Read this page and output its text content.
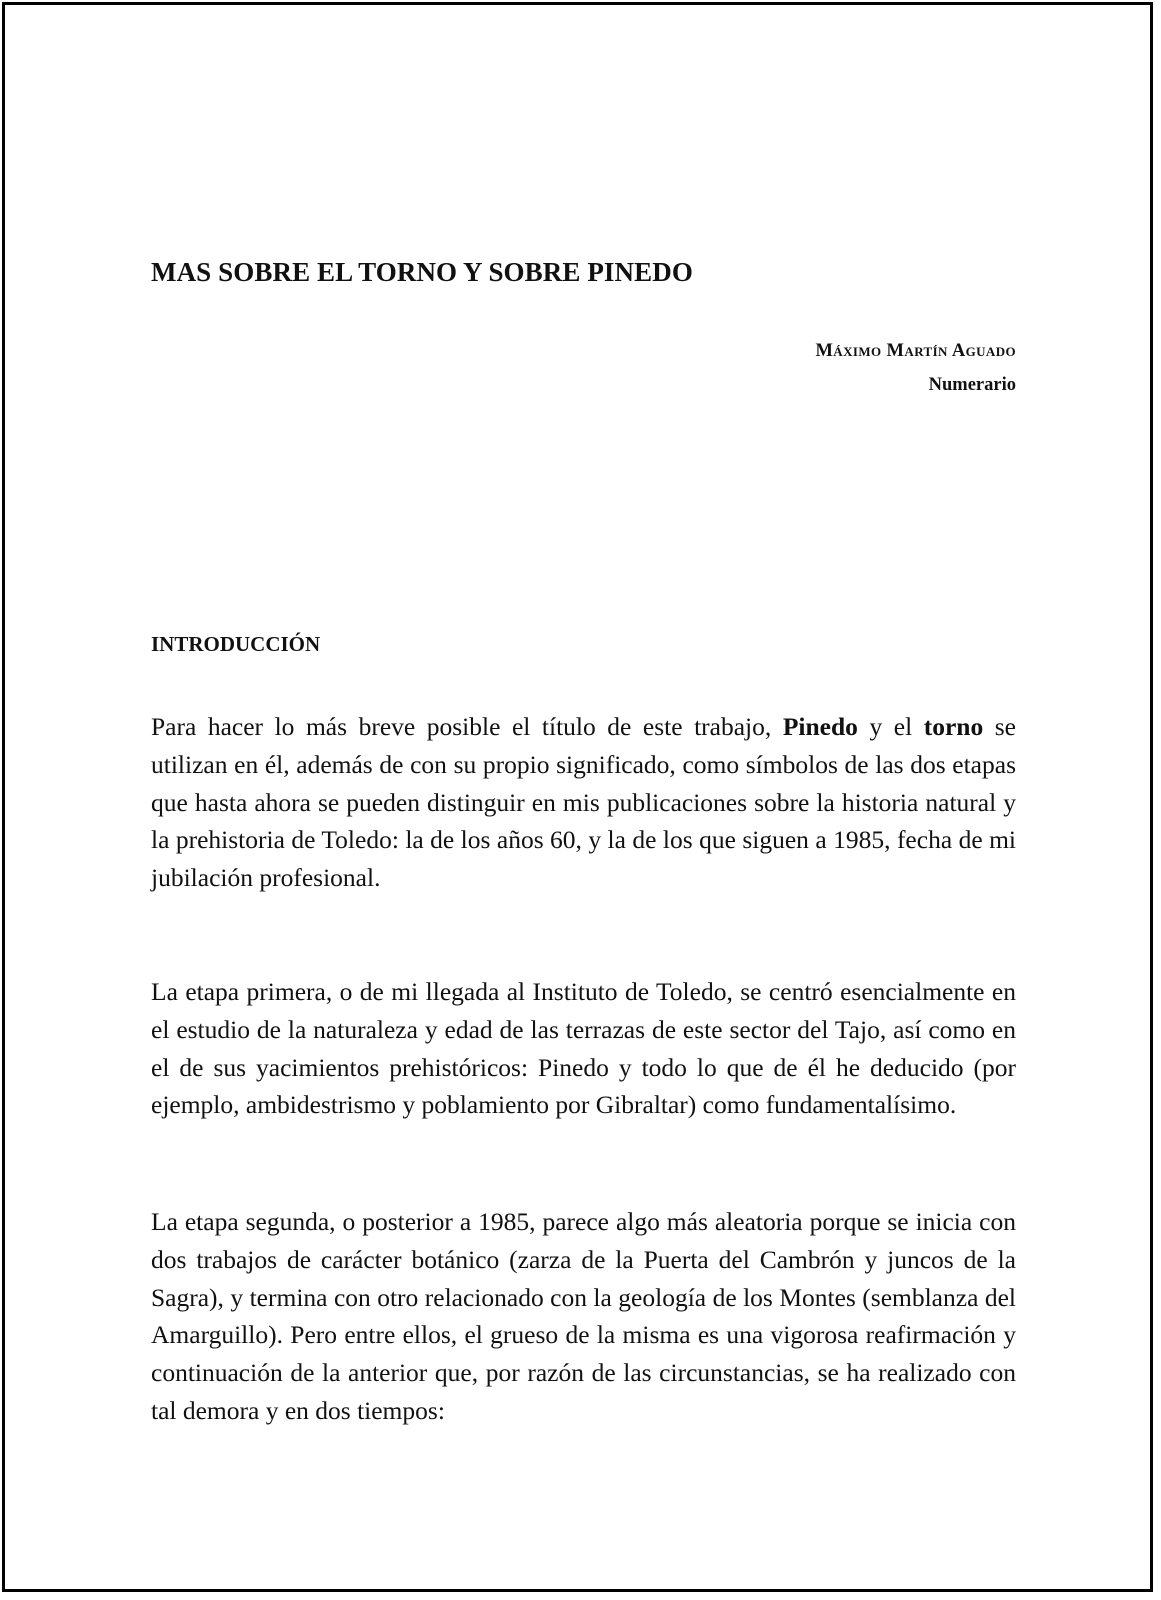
MAS SOBRE EL TORNO Y SOBRE PINEDO
Máximo Martín Aguado
Numerario
INTRODUCCIÓN

Para hacer lo más breve posible el título de este trabajo, Pinedo y el torno se utilizan en él, además de con su propio significado, como símbolos de las dos etapas que hasta ahora se pueden distinguir en mis publicaciones sobre la historia natural y la prehistoria de Toledo: la de los años 60, y la de los que siguen a 1985, fecha de mi jubilación profesional.

La etapa primera, o de mi llegada al Instituto de Toledo, se centró esencialmente en el estudio de la naturaleza y edad de las terrazas de este sector del Tajo, así como en el de sus yacimientos prehistóricos: Pinedo y todo lo que de él he deducido (por ejemplo, ambidestrismo y poblamiento por Gibraltar) como fundamentalísimo.

La etapa segunda, o posterior a 1985, parece algo más aleatoria porque se inicia con dos trabajos de carácter botánico (zarza de la Puerta del Cambrón y juncos de la Sagra), y termina con otro relacionado con la geología de los Montes (semblanza del Amarguillo). Pero entre ellos, el grueso de la misma es una vigorosa reafirmación y continuación de la anterior que, por razón de las circunstancias, se ha realizado con tal demora y en dos tiempos:
